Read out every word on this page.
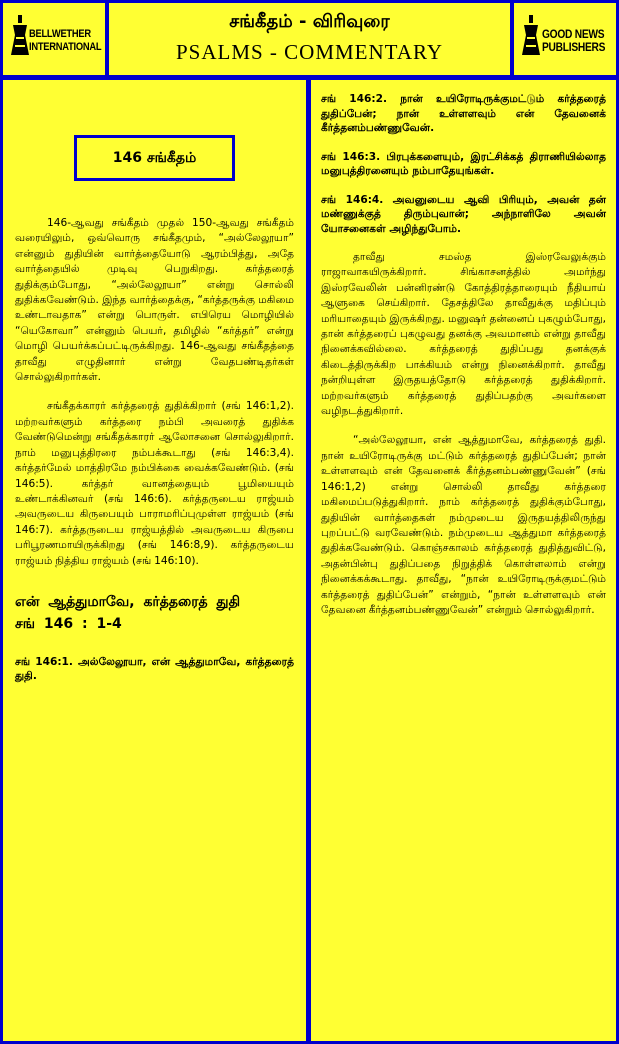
BELLWETHER
INTERNATIONAL
சங்கீதம் - விரிவுரை
PSALMS - COMMENTARY
GOOD NEWS
PUBLISHERS
146 சங்கீதம்

146-ஆவது சங்கீதம் முதல் 150-ஆவது சங்கீதம் வரையிலும், ஒவ்வொரு சங்கீதமும், “அல்லேலூயா” என்னும் துதியின் வார்த்தையோடு ஆரம்பித்து, அதே வார்த்தையில் முடிவு பெறுகிறது. கர்த்தரைத் துதிக்கும்போது, “அல்லேலூயா” என்று சொல்லி துதிக்கவேண்டும். இந்த வார்த்தைக்கு, “கர்த்தருக்கு மகிமை உண்டாவதாக” என்று பொருள். எபிரெய மொழியில் “யெகோவா” என்னும் பெயர், தமிழில் “கர்த்தர்” என்று மொழி பெயர்க்கப்பட்டிருக்கிறது. 146-ஆவது சங்கீதத்தை தாவீது எழுதினார் என்று வேதபண்டிதர்கள் சொல்லுகிறார்கள்.

சங்கீதக்காரர் கர்த்தரைத் துதிக்கிறார் (சங் 146:1,2). மற்றவர்களும் கர்த்தரை நம்பி அவரைத் துதிக்க வேண்டுமென்று சங்கீதக்காரர் ஆலோசனை சொல்லுகிறார். நாம் மனுபுத்திரரை நம்பக்கூடாது (சங் 146:3,4). கர்த்தர்மேல் மாத்திரமே நம்பிக்கை வைக்கவேண்டும். (சங் 146:5). கர்த்தர் வானத்தையும் பூமியையும் உண்டாக்கினவர் (சங் 146:6). கர்த்தருடைய ராஜ்யம் அவருடைய கிருபையும் பாராமரிப்புமுள்ள ராஜ்யம் (சங் 146:7). கர்த்தருடைய ராஜ்யத்தில் அவருடைய கிருபை பரிபூரணமாயிருக்கிறது (சங் 146:8,9). கர்த்தருடைய ராஜ்யம் நித்திய ராஜ்யம் (சங் 146:10).

என் ஆத்துமாவே, கர்த்தரைத் துதி

சங் 146 : 1-4

சங் 146:1. அல்லேலூயா, என் ஆத்துமாவே, கர்த்தரைத் துதி.

சங் 146:2. நான் உயிரோடிருக்குமட்டும் கர்த்தரைத் துதிப்பேன்; நான் உள்ளளவும் என் தேவனைக் கீர்த்தனம்பண்ணுவேன்.

சங் 146:3. பிரபுக்களையும், இரட்சிக்கத் திராணியில்லாத மனுபுத்திரனையும் நம்பாதேயுங்கள்.

சங் 146:4. அவனுடைய ஆவி பிரியும், அவன் தன் மண்ணுக்குத் திரும்புவான்; அந்நாளிலே அவன் யோசனைகள் அழிந்துபோம்.

தாவீது சமஸ்த இஸ்ரவேலுக்கும் ராஜாவாகயிருக்கிறார். சிங்காசனத்தில் அமர்ந்து இஸ்ரவேலின் பன்னிரண்டு கோத்திரத்தாரையும் நீதியாய் ஆளுகை செய்கிறார். தேசத்திலே தாவீதுக்கு மதிப்பும் மரியாதையும் இருக்கிறது. மனுஷர் தன்னைப் புகழும்போது, தான் கர்த்தரைப் புகழுவது தனக்கு அவமானம் என்று தாவீது நினைக்கவில்லை. கர்த்தரைத் துதிப்பது தனக்குக் கிடைத்திருக்கிற பாக்கியம் என்று நினைக்கிறார். தாவீது நன்றியுள்ள இருதயத்தோடு கர்த்தரைத் துதிக்கிறார். மற்றவர்களும் கர்த்தரைத் துதிப்பதற்கு அவர்களை வழிநடத்துகிறார்.

“அல்லேலூயா, என் ஆத்துமாவே, கர்த்தரைத் துதி. நான் உயிரோடிருக்கு மட்டும் கர்த்தரைத் துதிப்பேன்; நான் உள்ளளவும் என் தேவனைக் கீர்த்தனம்பண்ணுவேன்” (சங் 146:1,2) என்று சொல்லி தாவீது கர்த்தரை மகிமைப்படுத்துகிறார். நாம் கர்த்தரைத் துதிக்கும்போது, துதியின் வார்த்தைகள் நம்முடைய இருதயத்திலிருந்து புறப்பட்டு வரவேண்டும். நம்முடைய ஆத்துமா கர்த்தரைத் துதிக்கவேண்டும். கொஞ்சகாலம் கர்த்தரைத் துதித்துவிட்டு, அதன்பின்பு துதிப்பதை நிறுத்திக் கொள்ளலாம் என்று நினைக்கக்கூடாது. தாவீது, “நான் உயிரோடிருக்குமட்டும் கர்த்தரைத் துதிப்பேன்” என்றும், “நான் உள்ளளவும் என் தேவனை கீர்த்தனம்பண்ணுவேன்” என்றும் சொல்லுகிறார்.
